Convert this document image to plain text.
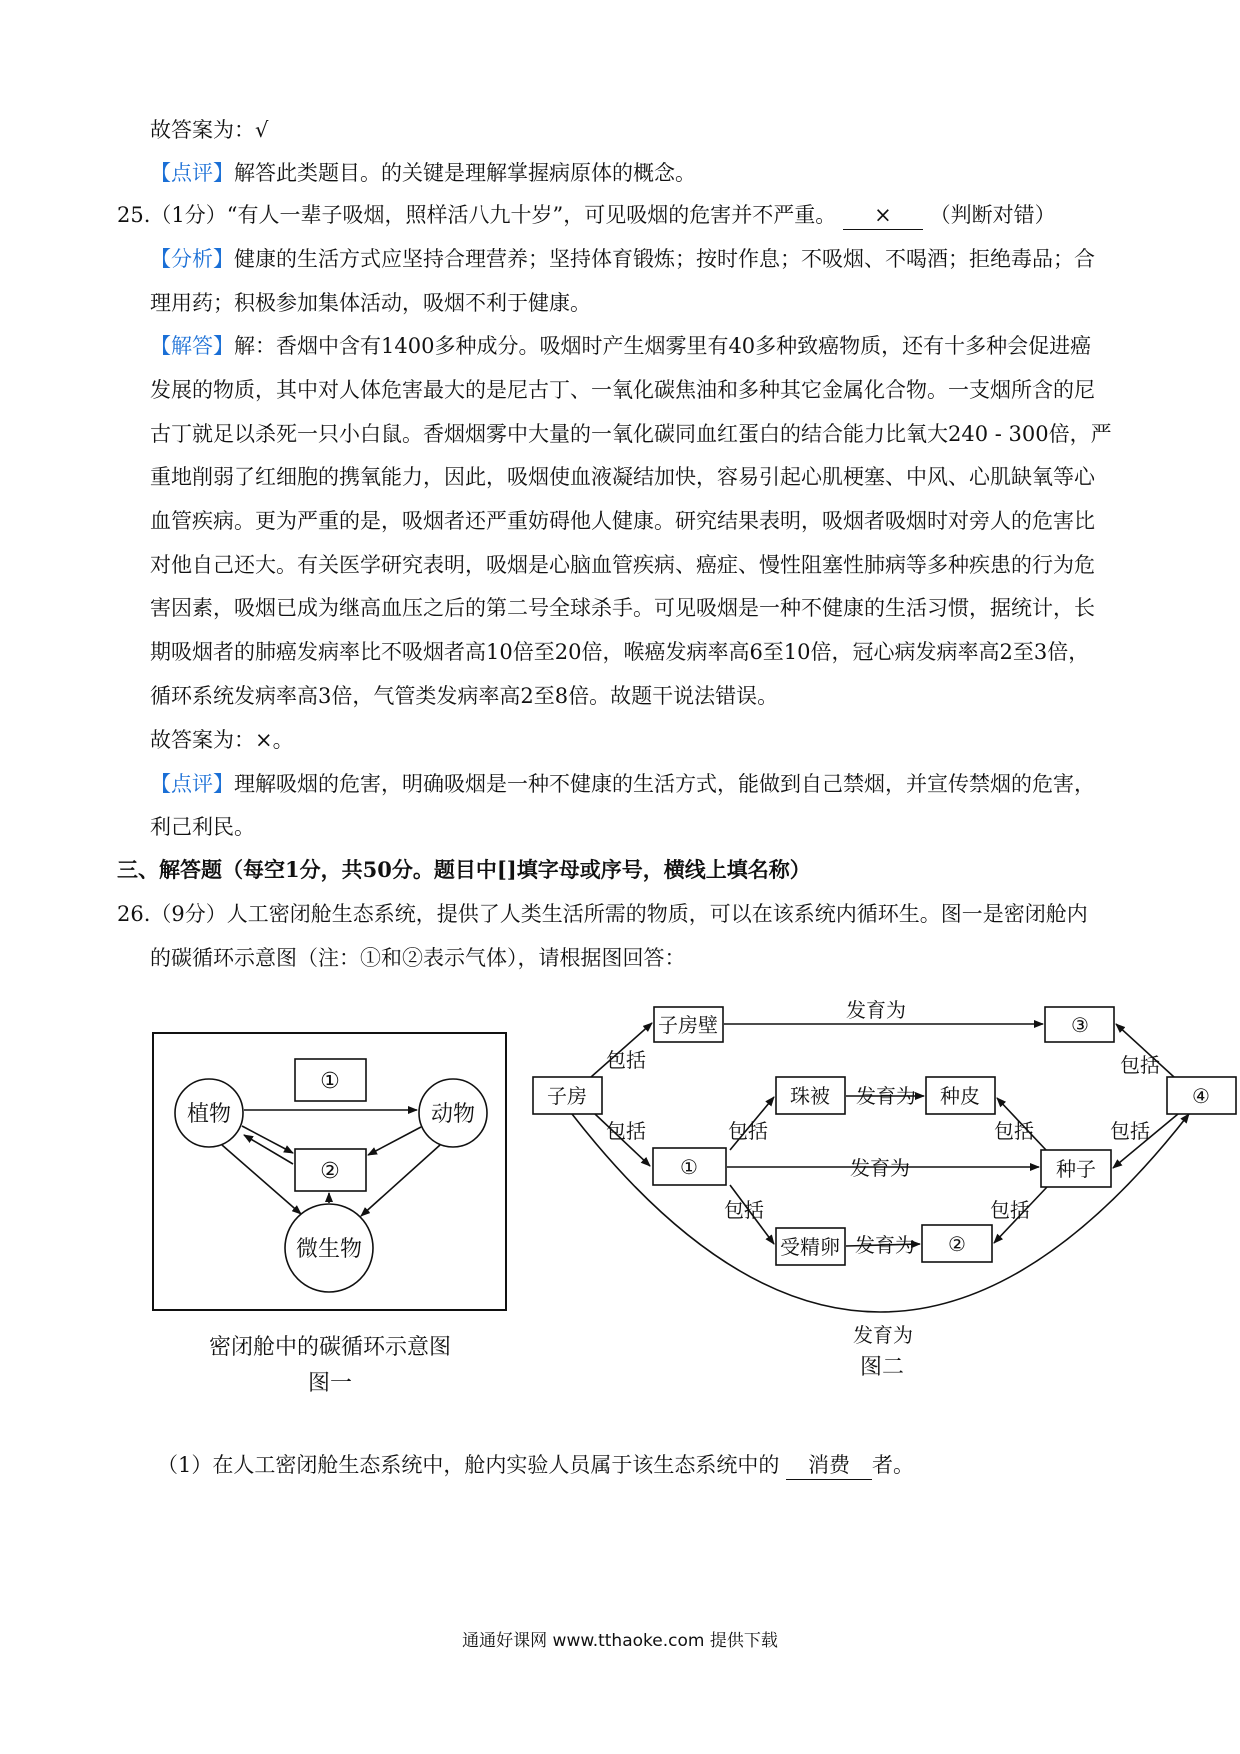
故答案为：√
【点评】解答此类题目。的关键是理解掌握病原体的概念。
25.（1分）“有人一辈子吸烟，照样活八九十岁”，可见吸烟的危害并不严重。 × （判断对错）
【分析】健康的生活方式应坚持合理营养；坚持体育锻炼；按时作息；不吸烟、不喝酒；拒绝毒品；合
理用药；积极参加集体活动，吸烟不利于健康。
【解答】解：香烟中含有1400多种成分。吸烟时产生烟雾里有40多种致癌物质，还有十多种会促进癌
发展的物质，其中对人体危害最大的是尼古丁、一氧化碳焦油和多种其它金属化合物。一支烟所含的尼
古丁就足以杀死一只小白鼠。香烟烟雾中大量的一氧化碳同血红蛋白的结合能力比氧大240 - 300倍，严
重地削弱了红细胞的携氧能力，因此，吸烟使血液凝结加快，容易引起心肌梗塞、中风、心肌缺氧等心
血管疾病。更为严重的是，吸烟者还严重妨碍他人健康。研究结果表明，吸烟者吸烟时对旁人的危害比
对他自己还大。有关医学研究表明，吸烟是心脑血管疾病、癌症、慢性阻塞性肺病等多种疾患的行为危
害因素，吸烟已成为继高血压之后的第二号全球杀手。可见吸烟是一种不健康的生活习惯，据统计，长
期吸烟者的肺癌发病率比不吸烟者高10倍至20倍，喉癌发病率高6至10倍，冠心病发病率高2至3倍，
循环系统发病率高3倍，气管类发病率高2至8倍。故题干说法错误。
故答案为：×。
【点评】理解吸烟的危害，明确吸烟是一种不健康的生活方式，能做到自己禁烟，并宣传禁烟的危害，
利己利民。
三、解答题（每空1分，共50分。题目中[]填字母或序号，横线上填名称）
26.（9分）人工密闭舱生态系统，提供了人类生活所需的物质，可以在该系统内循环生。图一是密闭舱内
的碳循环示意图（注：①和②表示气体），请根据图回答：
植物	动物
微生物
①
②
密闭舱中的碳循环示意图
图一
子房
子房壁	③
④
①
珠被	种皮
种子
受精卵	②
发育为
发育为
发育为
发育为
发育为
包括
包括	包括
包括
包括
包括
包括
包括
图二
（1）在人工密闭舱生态系统中，舱内实验人员属于该生态系统中的 消费 者。
通通好课网 www.tthaoke.com 提供下载
